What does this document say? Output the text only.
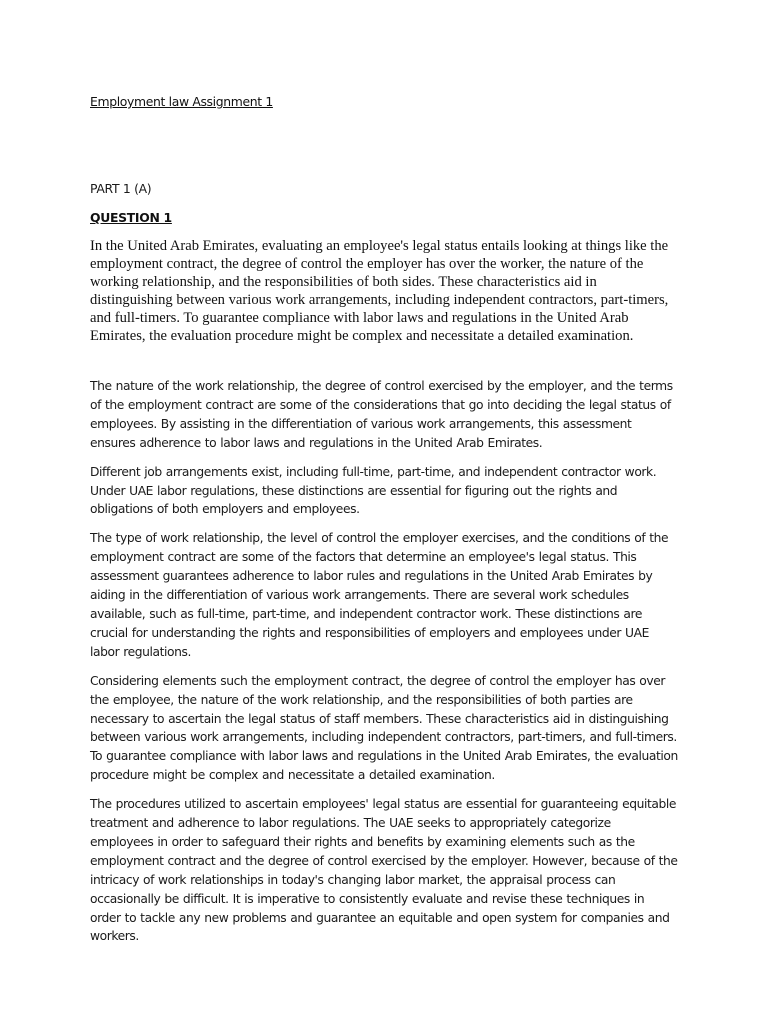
Employment law Assignment 1

PART 1 (A)

QUESTION 1

In the United Arab Emirates, evaluating an employee's legal status entails looking at things like the employment contract, the degree of control the employer has over the worker, the nature of the working relationship, and the responsibilities of both sides. These characteristics aid in distinguishing between various work arrangements, including independent contractors, part-timers, and full-timers. To guarantee compliance with labor laws and regulations in the United Arab Emirates, the evaluation procedure might be complex and necessitate a detailed examination.

The nature of the work relationship, the degree of control exercised by the employer, and the terms of the employment contract are some of the considerations that go into deciding the legal status of employees. By assisting in the differentiation of various work arrangements, this assessment ensures adherence to labor laws and regulations in the United Arab Emirates.

Different job arrangements exist, including full-time, part-time, and independent contractor work. Under UAE labor regulations, these distinctions are essential for figuring out the rights and obligations of both employers and employees.

The type of work relationship, the level of control the employer exercises, and the conditions of the employment contract are some of the factors that determine an employee's legal status. This assessment guarantees adherence to labor rules and regulations in the United Arab Emirates by aiding in the differentiation of various work arrangements. There are several work schedules available, such as full-time, part-time, and independent contractor work. These distinctions are crucial for understanding the rights and responsibilities of employers and employees under UAE labor regulations.

Considering elements such the employment contract, the degree of control the employer has over the employee, the nature of the work relationship, and the responsibilities of both parties are necessary to ascertain the legal status of staff members. These characteristics aid in distinguishing between various work arrangements, including independent contractors, part-timers, and full-timers. To guarantee compliance with labor laws and regulations in the United Arab Emirates, the evaluation procedure might be complex and necessitate a detailed examination.

The procedures utilized to ascertain employees' legal status are essential for guaranteeing equitable treatment and adherence to labor regulations. The UAE seeks to appropriately categorize employees in order to safeguard their rights and benefits by examining elements such as the employment contract and the degree of control exercised by the employer. However, because of the intricacy of work relationships in today's changing labor market, the appraisal process can occasionally be difficult. It is imperative to consistently evaluate and revise these techniques in order to tackle any new problems and guarantee an equitable and open system for companies and workers.
